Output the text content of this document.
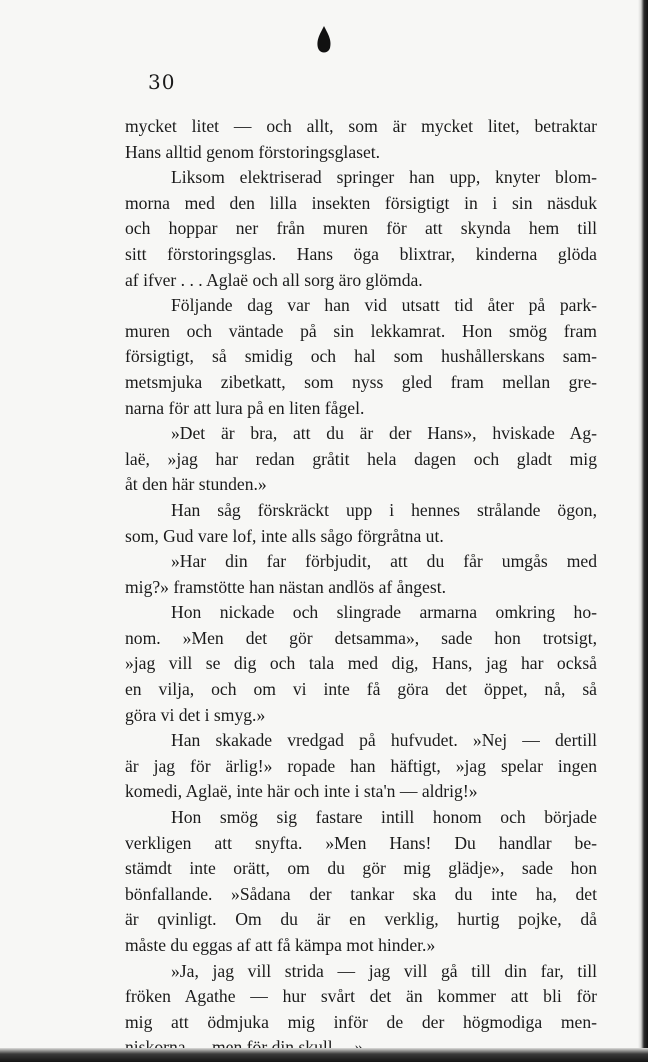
30
mycket litet — och allt, som är mycket litet, betraktar
Hans alltid genom förstoringsglaset.
Liksom elektriserad springer han upp, knyter blom-
morna med den lilla insekten försigtigt in i sin näsduk
och hoppar ner från muren för att skynda hem till
sitt förstoringsglas. Hans öga blixtrar, kinderna glöda
af ifver . . . Aglaë och all sorg äro glömda.
Följande dag var han vid utsatt tid åter på park-
muren och väntade på sin lekkamrat. Hon smög fram
försigtigt, så smidig och hal som hushållerskans sam-
metsmjuka zibetkatt, som nyss gled fram mellan gre-
narna för att lura på en liten fågel.
»Det är bra, att du är der Hans», hviskade Ag-
laë, »jag har redan gråtit hela dagen och gladt mig
åt den här stunden.»
Han såg förskräckt upp i hennes strålande ögon,
som, Gud vare lof, inte alls sågo förgråtna ut.
»Har din far förbjudit, att du får umgås med
mig?» framstötte han nästan andlös af ångest.
Hon nickade och slingrade armarna omkring ho-
nom. »Men det gör detsamma», sade hon trotsigt,
»jag vill se dig och tala med dig, Hans, jag har också
en vilja, och om vi inte få göra det öppet, nå, så
göra vi det i smyg.»
Han skakade vredgad på hufvudet. »Nej — dertill
är jag för ärlig!» ropade han häftigt, »jag spelar ingen
komedi, Aglaë, inte här och inte i sta'n — aldrig!»
Hon smög sig fastare intill honom och började
verkligen att snyfta. »Men Hans! Du handlar be-
stämdt inte orätt, om du gör mig glädje», sade hon
bönfallande. »Sådana der tankar ska du inte ha, det
är qvinligt. Om du är en verklig, hurtig pojke, då
måste du eggas af att få kämpa mot hinder.»
»Ja, jag vill strida — jag vill gå till din far, till
fröken Agathe — hur svårt det än kommer att bli för
mig att ödmjuka mig inför de der högmodiga men-
